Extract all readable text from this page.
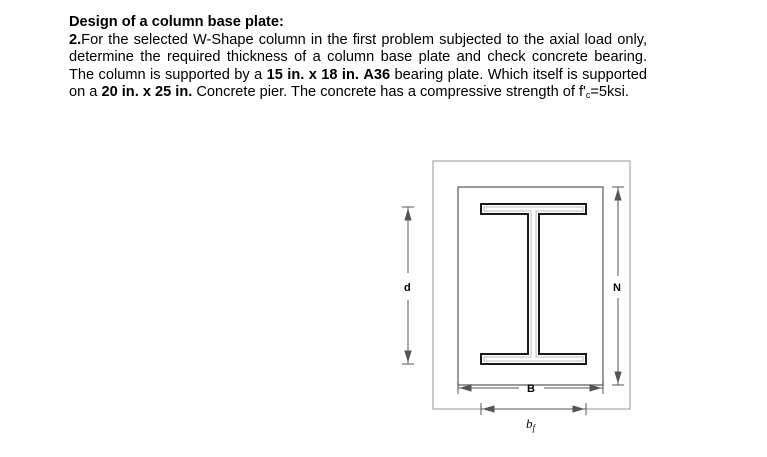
Design of a column base plate:

2.For the selected W-Shape column in the first problem subjected to the axial load only, determine the required thickness of a column base plate and check concrete bearing. The column is supported by a 15 in. x 18 in. A36 bearing plate. Which itself is supported on a 20 in. x 25 in. Concrete pier. The concrete has a compressive strength of $f'_c=5ksi$.

d	N
B
$b_f$
